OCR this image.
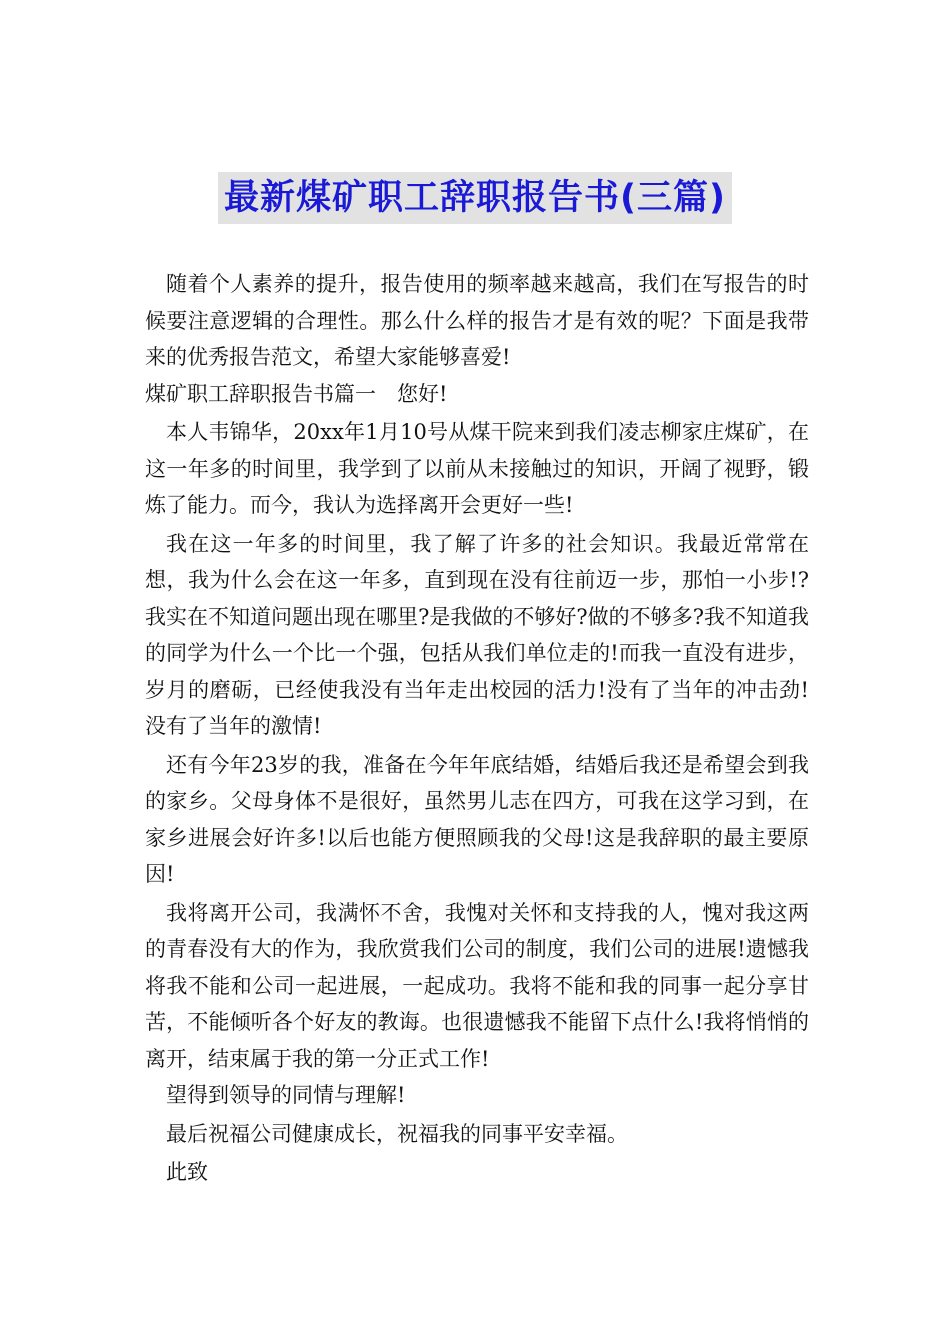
最新煤矿职工辞职报告书(三篇)

随着个人素养的提升，报告使用的频率越来越高，我们在写报告的时候要注意逻辑的合理性。那么什么样的报告才是有效的呢？下面是我带来的优秀报告范文，希望大家能够喜爱!

煤矿职工辞职报告书篇一　您好!

本人韦锦华，20xx年1月10号从煤干院来到我们凌志柳家庄煤矿，在这一年多的时间里，我学到了以前从未接触过的知识，开阔了视野，锻炼了能力。而今，我认为选择离开会更好一些!

我在这一年多的时间里，我了解了许多的社会知识。我最近常常在想，我为什么会在这一年多，直到现在没有往前迈一步，那怕一小步!?我实在不知道问题出现在哪里?是我做的不够好?做的不够多?我不知道我的同学为什么一个比一个强，包括从我们单位走的!而我一直没有进步，岁月的磨砺，已经使我没有当年走出校园的活力!没有了当年的冲击劲!没有了当年的激情!

还有今年23岁的我，准备在今年年底结婚，结婚后我还是希望会到我的家乡。父母身体不是很好，虽然男儿志在四方，可我在这学习到，在家乡进展会好许多!以后也能方便照顾我的父母!这是我辞职的最主要原因!

我将离开公司，我满怀不舍，我愧对关怀和支持我的人，愧对我这两的青春没有大的作为，我欣赏我们公司的制度，我们公司的进展!遗憾我将我不能和公司一起进展，一起成功。我将不能和我的同事一起分享甘苦，不能倾听各个好友的教诲。也很遗憾我不能留下点什么!我将悄悄的离开，结束属于我的第一分正式工作!

望得到领导的同情与理解!

最后祝福公司健康成长，祝福我的同事平安幸福。

此致
